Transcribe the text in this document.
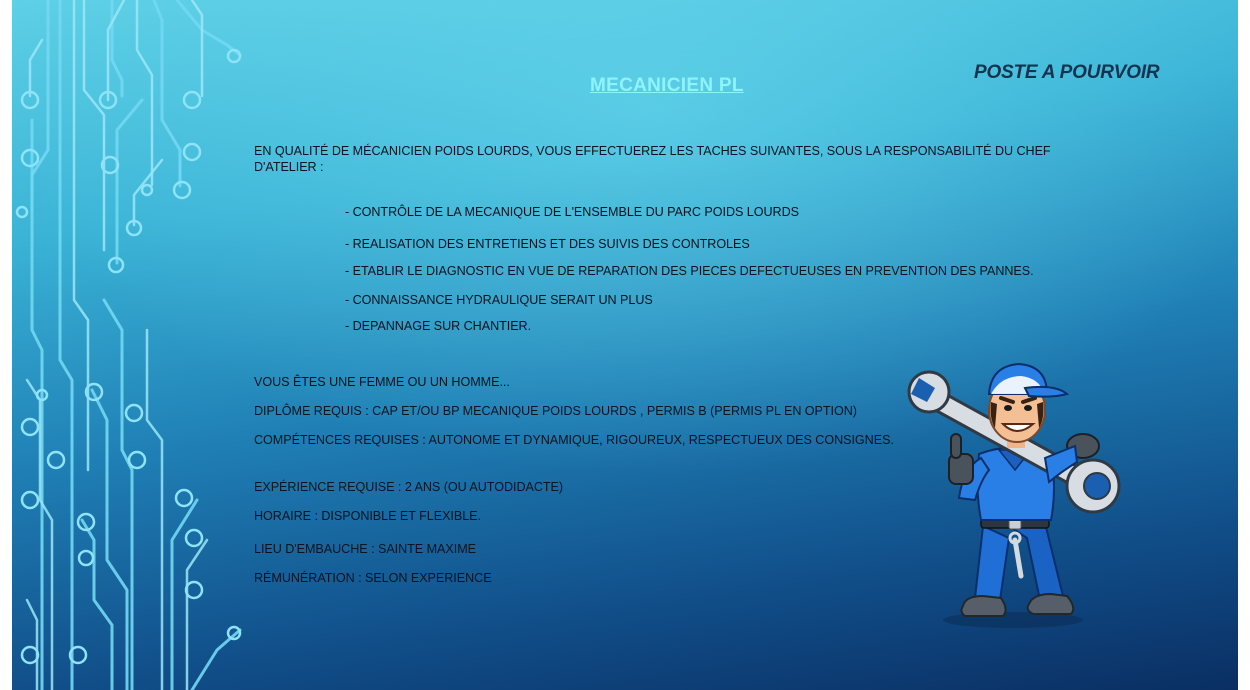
POSTE A POURVOIR

MECANICIEN PL

EN QUALITÉ DE MÉCANICIEN POIDS LOURDS, VOUS EFFECTUEREZ LES TACHES SUIVANTES, SOUS LA RESPONSABILITÉ DU CHEF D'ATELIER :

- CONTRÔLE DE LA MECANIQUE DE L'ENSEMBLE DU PARC POIDS LOURDS

- REALISATION DES ENTRETIENS ET DES SUIVIS DES CONTROLES

- ETABLIR LE DIAGNOSTIC EN VUE DE REPARATION DES PIECES DEFECTUEUSES EN PREVENTION DES PANNES.

- CONNAISSANCE HYDRAULIQUE SERAIT UN PLUS

- DEPANNAGE SUR CHANTIER.

VOUS ÊTES UNE FEMME OU UN HOMME...

DIPLÔME REQUIS : CAP ET/OU BP MECANIQUE POIDS LOURDS , PERMIS B (PERMIS PL EN OPTION)

COMPÉTENCES REQUISES : AUTONOME ET DYNAMIQUE, RIGOUREUX, RESPECTUEUX DES CONSIGNES.

EXPÉRIENCE REQUISE : 2 ANS (OU AUTODIDACTE)

HORAIRE : DISPONIBLE ET FLEXIBLE.

LIEU D'EMBAUCHE : SAINTE MAXIME

RÉMUNÉRATION : SELON EXPERIENCE
